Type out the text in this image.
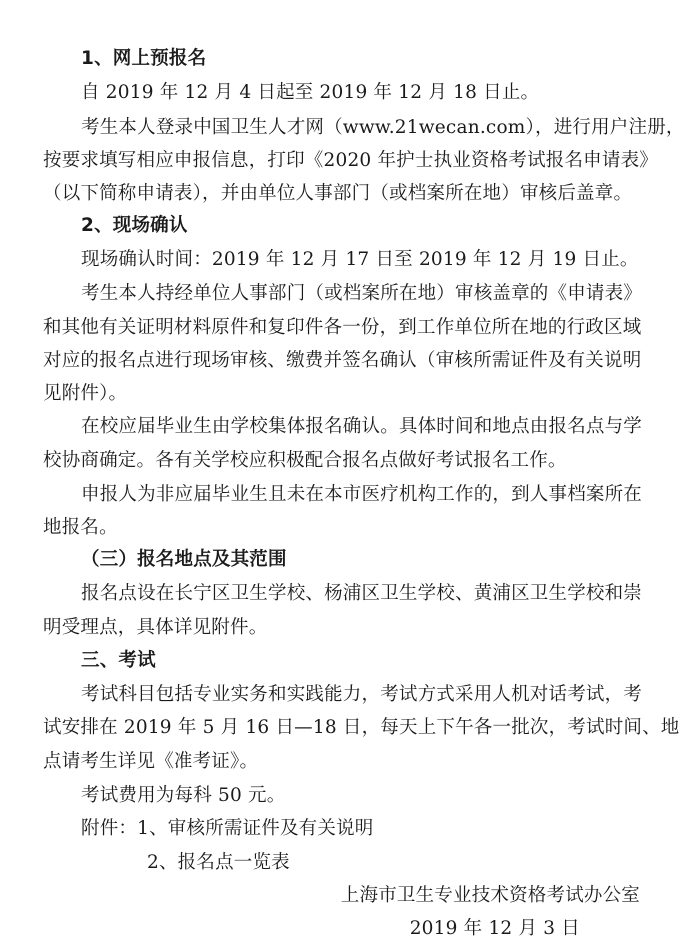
1、网上预报名
自 2019 年 12 月 4 日起至 2019 年 12 月 18 日止。
考生本人登录中国卫生人才网（www.21wecan.com），进行用户注册，
按要求填写相应申报信息，打印《2020 年护士执业资格考试报名申请表》
（以下简称申请表），并由单位人事部门（或档案所在地）审核后盖章。
2、现场确认
现场确认时间：2019 年 12 月 17 日至 2019 年 12 月 19 日止。
考生本人持经单位人事部门（或档案所在地）审核盖章的《申请表》
和其他有关证明材料原件和复印件各一份，到工作单位所在地的行政区域
对应的报名点进行现场审核、缴费并签名确认（审核所需证件及有关说明
见附件）。
在校应届毕业生由学校集体报名确认。具体时间和地点由报名点与学
校协商确定。各有关学校应积极配合报名点做好考试报名工作。
申报人为非应届毕业生且未在本市医疗机构工作的，到人事档案所在
地报名。
（三）报名地点及其范围
报名点设在长宁区卫生学校、杨浦区卫生学校、黄浦区卫生学校和崇
明受理点，具体详见附件。
三、考试
考试科目包括专业实务和实践能力，考试方式采用人机对话考试，考
试安排在 2019 年 5 月 16 日—18 日，每天上下午各一批次，考试时间、地
点请考生详见《准考证》。
考试费用为每科 50 元。
附件：1、审核所需证件及有关说明
2、报名点一览表
上海市卫生专业技术资格考试办公室
2019 年 12 月 3 日
